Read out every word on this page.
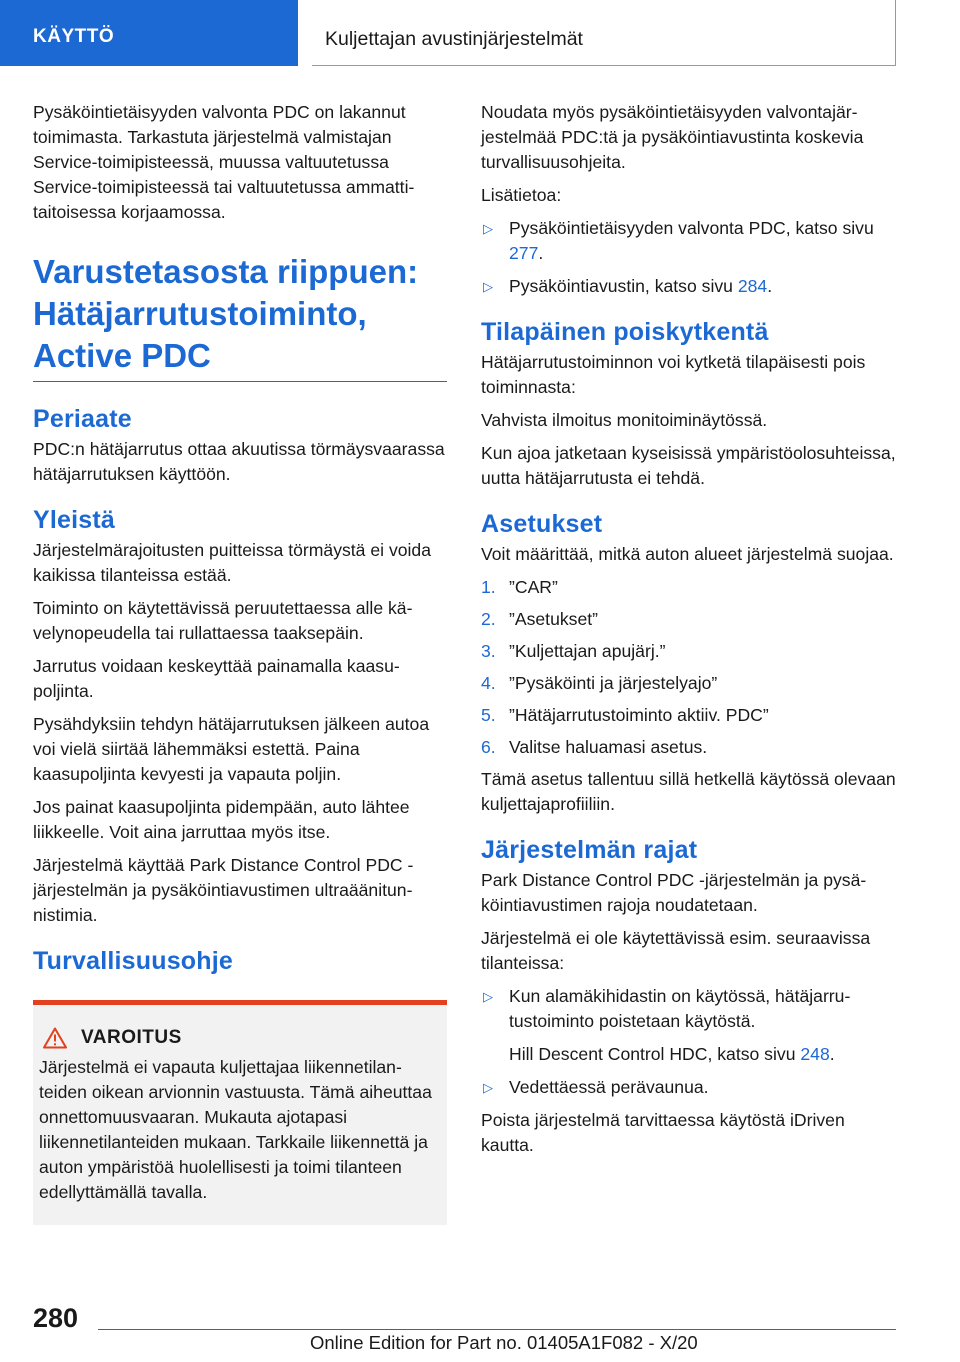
KÄYTTÖ	Kuljettajan avustinjärjestelmät

Pysäköintietäisyyden valvonta PDC on lakannut toimimasta. Tarkastuta järjestelmä valmistajan Service-toimipisteessä, muussa valtuutetussa Service-toimipisteessä tai valtuutetussa ammattitaitoisessa korjaamossa.

Varustetasosta riippuen: Hätäjarrutustoiminto, Active PDC
Periaate

PDC:n hätäjarrutus ottaa akuutissa törmäysvaarassa hätäjarrutuksen käyttöön.

Yleistä

Järjestelmärajoitusten puitteissa törmäystä ei voida kaikissa tilanteissa estää.

Toiminto on käytettävissä peruutettaessa alle kävelynopeudella tai rullattaessa taaksepäin.

Jarrutus voidaan keskeyttää painamalla kaasupoljinta.

Pysähdyksiin tehdyn hätäjarrutuksen jälkeen autoa voi vielä siirtää lähemmäksi estettä. Paina kaasupoljinta kevyesti ja vapauta poljin.

Jos painat kaasupoljinta pidempään, auto lähtee liikkeelle. Voit aina jarruttaa myös itse.

Järjestelmä käyttää Park Distance Control PDC -järjestelmän ja pysäköintiavustimen ultraäänitunnistimia.

Turvallisuusohje
VAROITUS

Järjestelmä ei vapauta kuljettajaa liikennetilanteiden oikean arvionnin vastuusta. Tämä aiheuttaa onnettomuusvaaran. Mukauta ajotapasi liikennetilanteiden mukaan. Tarkkaile liikennettä ja auton ympäristöä huolellisesti ja toimi tilanteen edellyttämällä tavalla.

Noudata myös pysäköintietäisyyden valvontajärjestelmää PDC:tä ja pysäköintiavustinta koskevia turvallisuusohjeita.

Lisätietoa:

▷ Pysäköintietäisyyden valvonta PDC, katso sivu 277.
▷ Pysäköintiavustin, katso sivu 284.
Tilapäinen poiskytkentä

Hätäjarrutustoiminnon voi kytketä tilapäisesti pois toiminnasta:

Vahvista ilmoitus monitoiminäytössä.

Kun ajoa jatketaan kyseisissä ympäristöolosuhteissa, uutta hätäjarrutusta ei tehdä.

Asetukset

Voit määrittää, mitkä auton alueet järjestelmä suojaa.

1. ”CAR”
2. ”Asetukset”
3. ”Kuljettajan apujärj.”
4. ”Pysäköinti ja järjestelyajo”
5. ”Hätäjarrutustoiminto aktiiv. PDC”
6. Valitse haluamasi asetus.

Tämä asetus tallentuu sillä hetkellä käytössä olevaan kuljettajaprofiiliin.

Järjestelmän rajat

Park Distance Control PDC -järjestelmän ja pysäköintiavustimen rajoja noudatetaan.

Järjestelmä ei ole käytettävissä esim. seuraavissa tilanteissa:

▷ Kun alamäkihidastin on käytössä, hätäjarrutustoiminto poistetaan käytöstä.
Hill Descent Control HDC, katso sivu 248.
▷ Vedettäessä perävaunua.

Poista järjestelmä tarvittaessa käytöstä iDriven kautta.

280
Online Edition for Part no. 01405A1F082 - X/20
